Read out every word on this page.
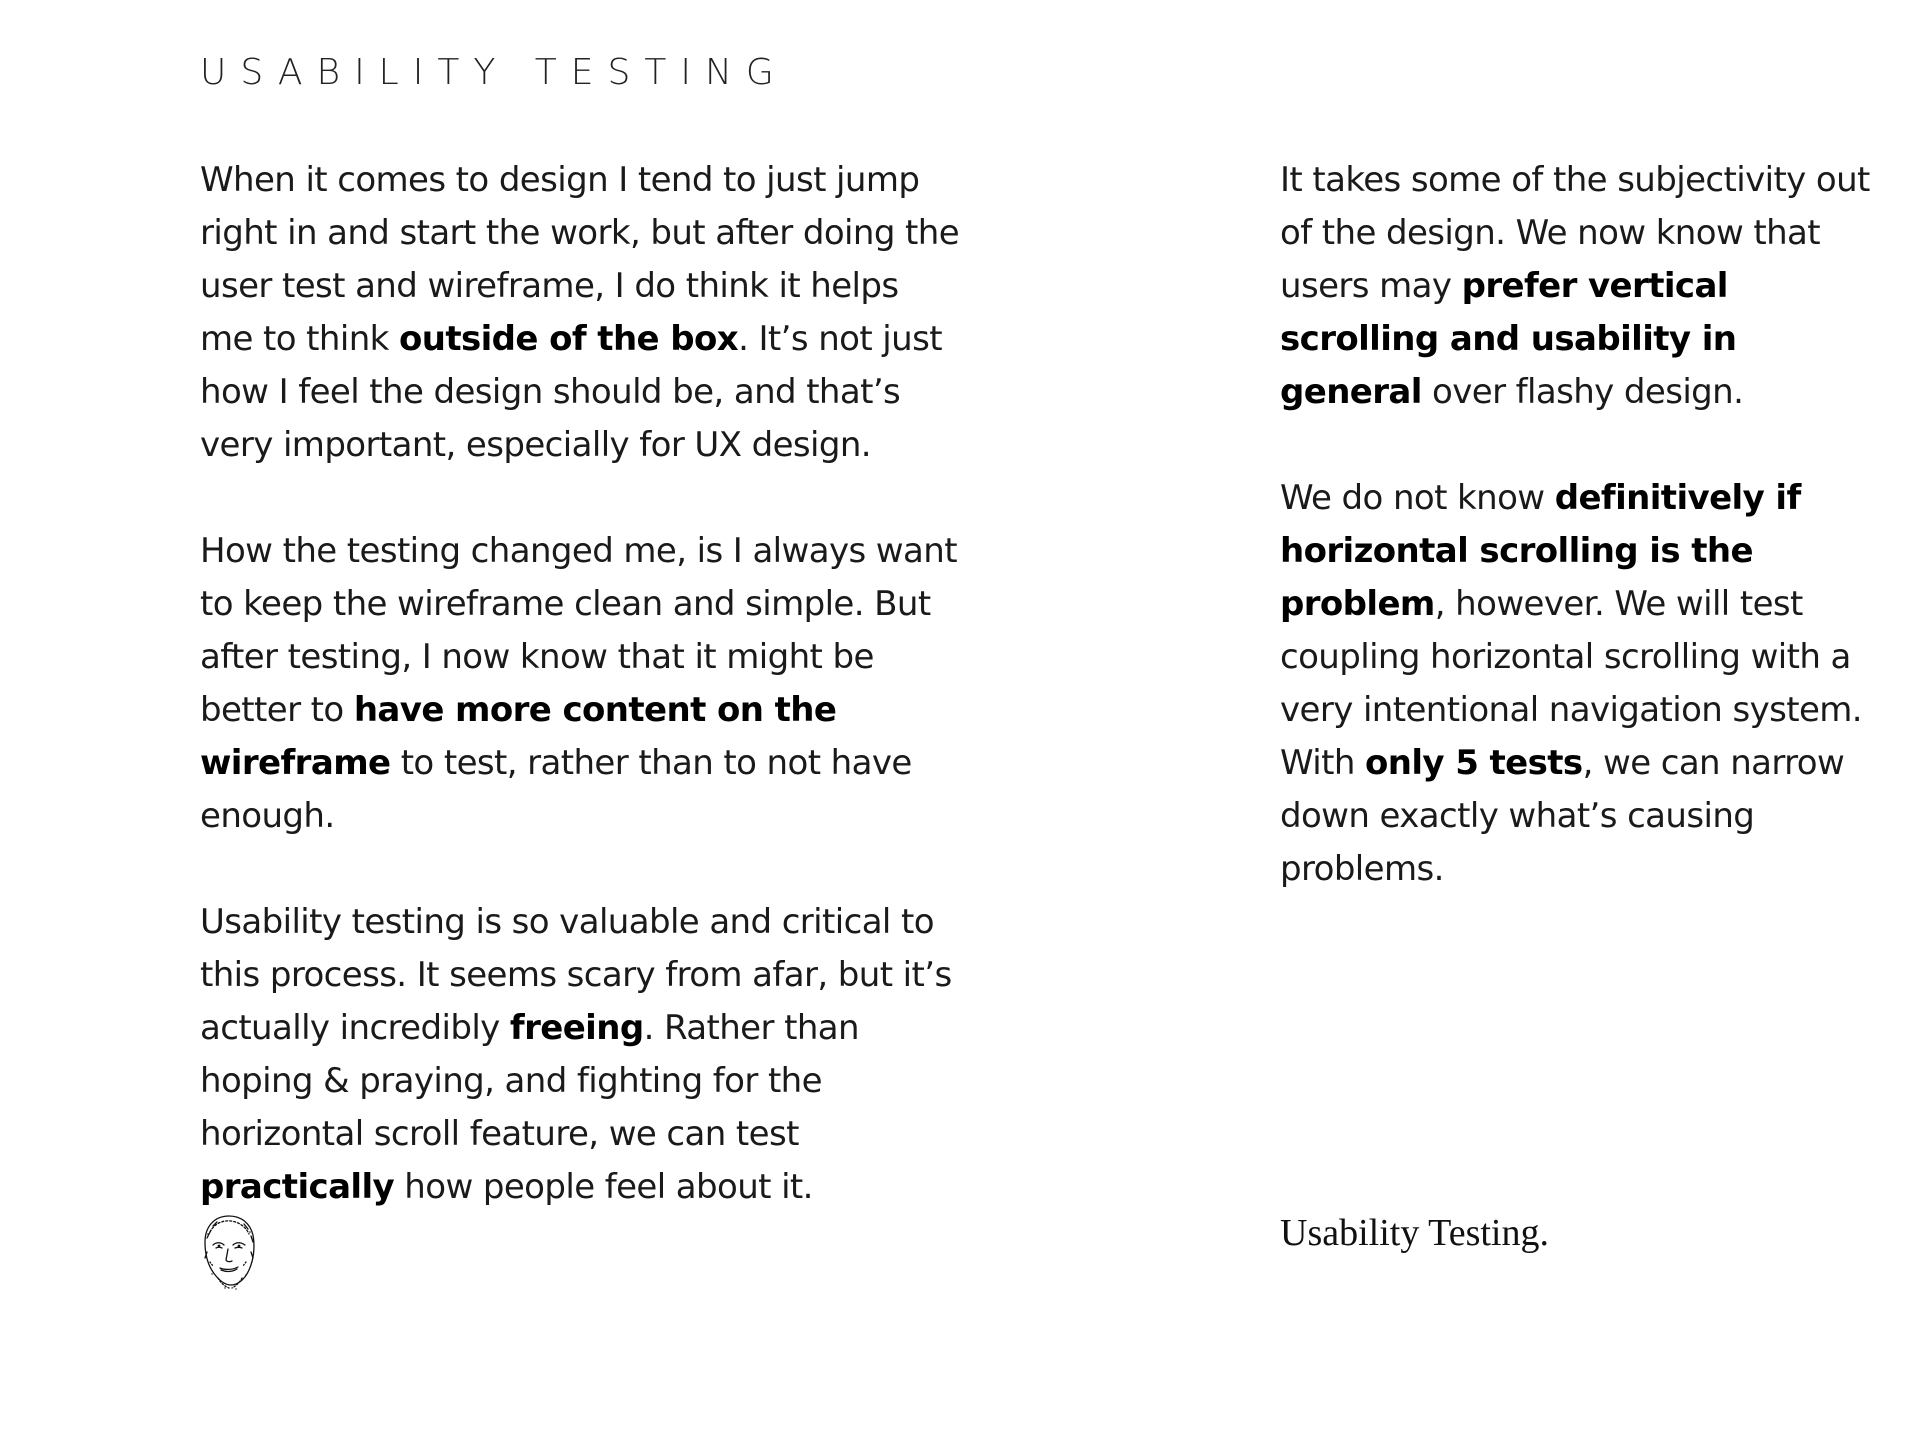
USABILITY TESTING

When it comes to design I tend to just jump right in and start the work, but after doing the user test and wireframe, I do think it helps me to think outside of the box. It’s not just how I feel the design should be, and that’s very important, especially for UX design.

How the testing changed me, is I always want to keep the wireframe clean and simple. But after testing, I now know that it might be better to have more content on the wireframe to test, rather than to not have enough.

Usability testing is so valuable and critical to this process. It seems scary from afar, but it’s actually incredibly freeing. Rather than hoping & praying, and fighting for the horizontal scroll feature, we can test practically how people feel about it.

It takes some of the subjectivity out of the design. We now know that users may prefer vertical scrolling and usability in general over flashy design.

We do not know definitively if horizontal scrolling is the problem, however. We will test coupling horizontal scrolling with a very intentional navigation system. With only 5 tests, we can narrow down exactly what’s causing problems.

Usability Testing.
